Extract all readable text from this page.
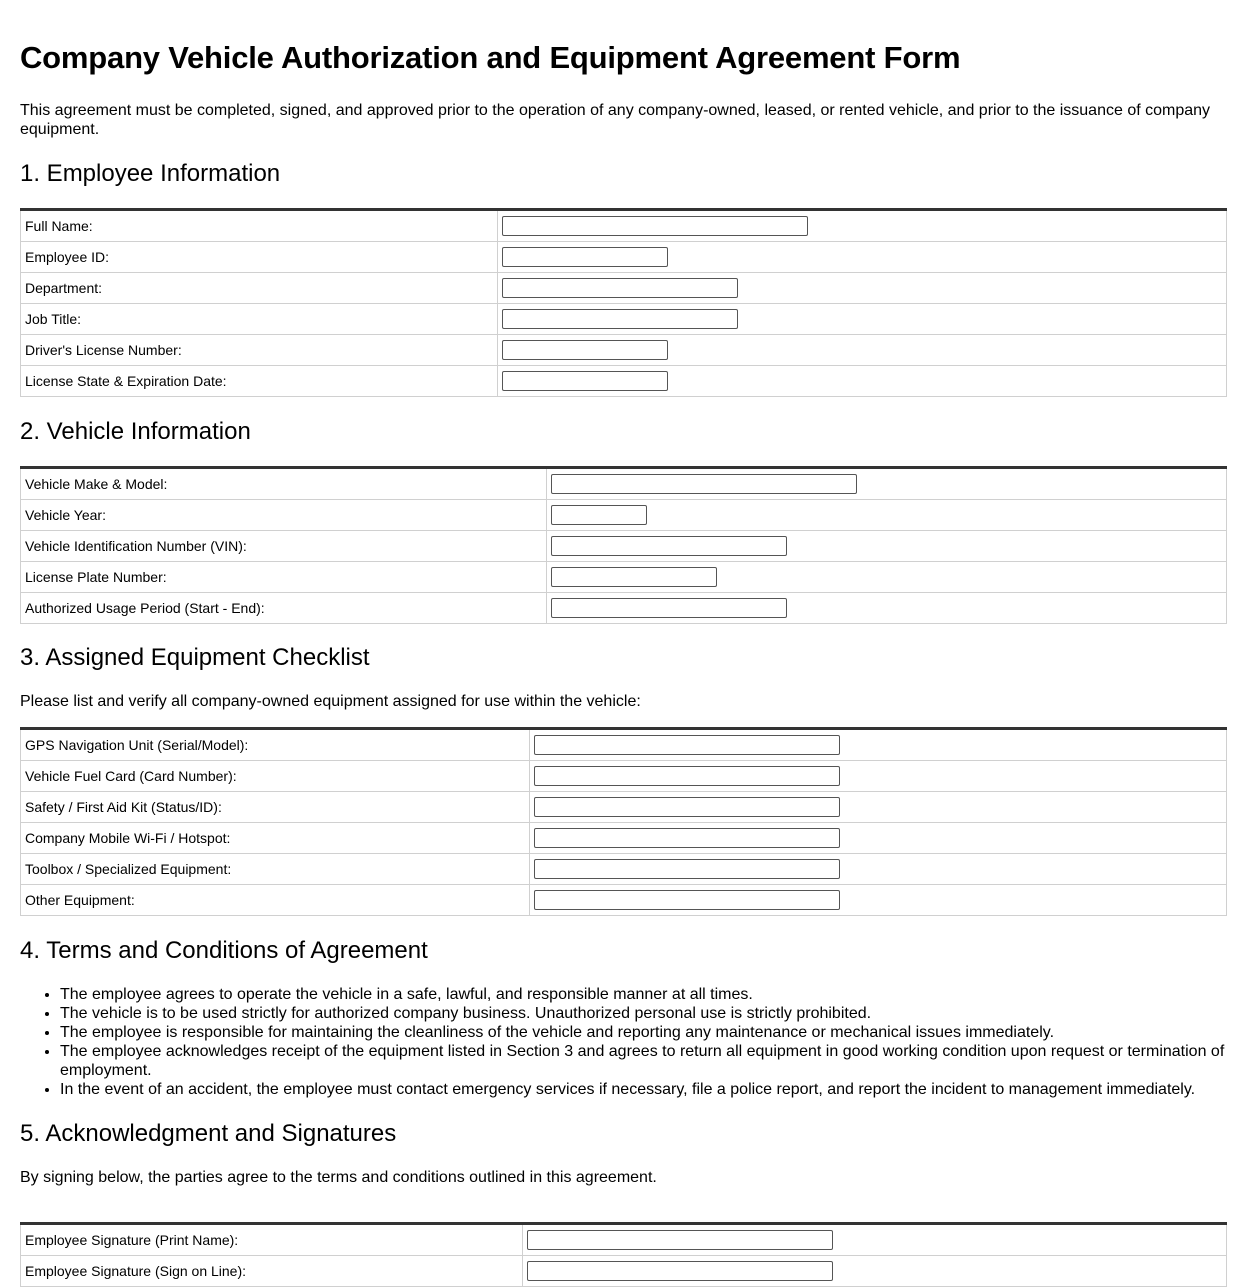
Company Vehicle Authorization and Equipment Agreement Form

This agreement must be completed, signed, and approved prior to the operation of any company-owned, leased, or rented vehicle, and prior to the issuance of company equipment.

1. Employee Information
Full Name:	

Employee ID:	

Department:	

Job Title:	

Driver's License Number:	

License State & Expiration Date:	
2. Vehicle Information
Vehicle Make & Model:	

Vehicle Year:	

Vehicle Identification Number (VIN):	

License Plate Number:	

Authorized Usage Period (Start - End):	
3. Assigned Equipment Checklist

Please list and verify all company-owned equipment assigned for use within the vehicle:

GPS Navigation Unit (Serial/Model):	

Vehicle Fuel Card (Card Number):	

Safety / First Aid Kit (Status/ID):	

Company Mobile Wi-Fi / Hotspot:	

Toolbox / Specialized Equipment:	

Other Equipment:	
4. Terms and Conditions of Agreement
• The employee agrees to operate the vehicle in a safe, lawful, and responsible manner at all times.
• The vehicle is to be used strictly for authorized company business. Unauthorized personal use is strictly prohibited.
• The employee is responsible for maintaining the cleanliness of the vehicle and reporting any maintenance or mechanical issues immediately.
• The employee acknowledges receipt of the equipment listed in Section 3 and agrees to return all equipment in good working condition upon request or termination of employment.
• In the event of an accident, the employee must contact emergency services if necessary, file a police report, and report the incident to management immediately.
5. Acknowledgment and Signatures

By signing below, the parties agree to the terms and conditions outlined in this agreement.

Employee Signature (Print Name):	

Employee Signature (Sign on Line):	
